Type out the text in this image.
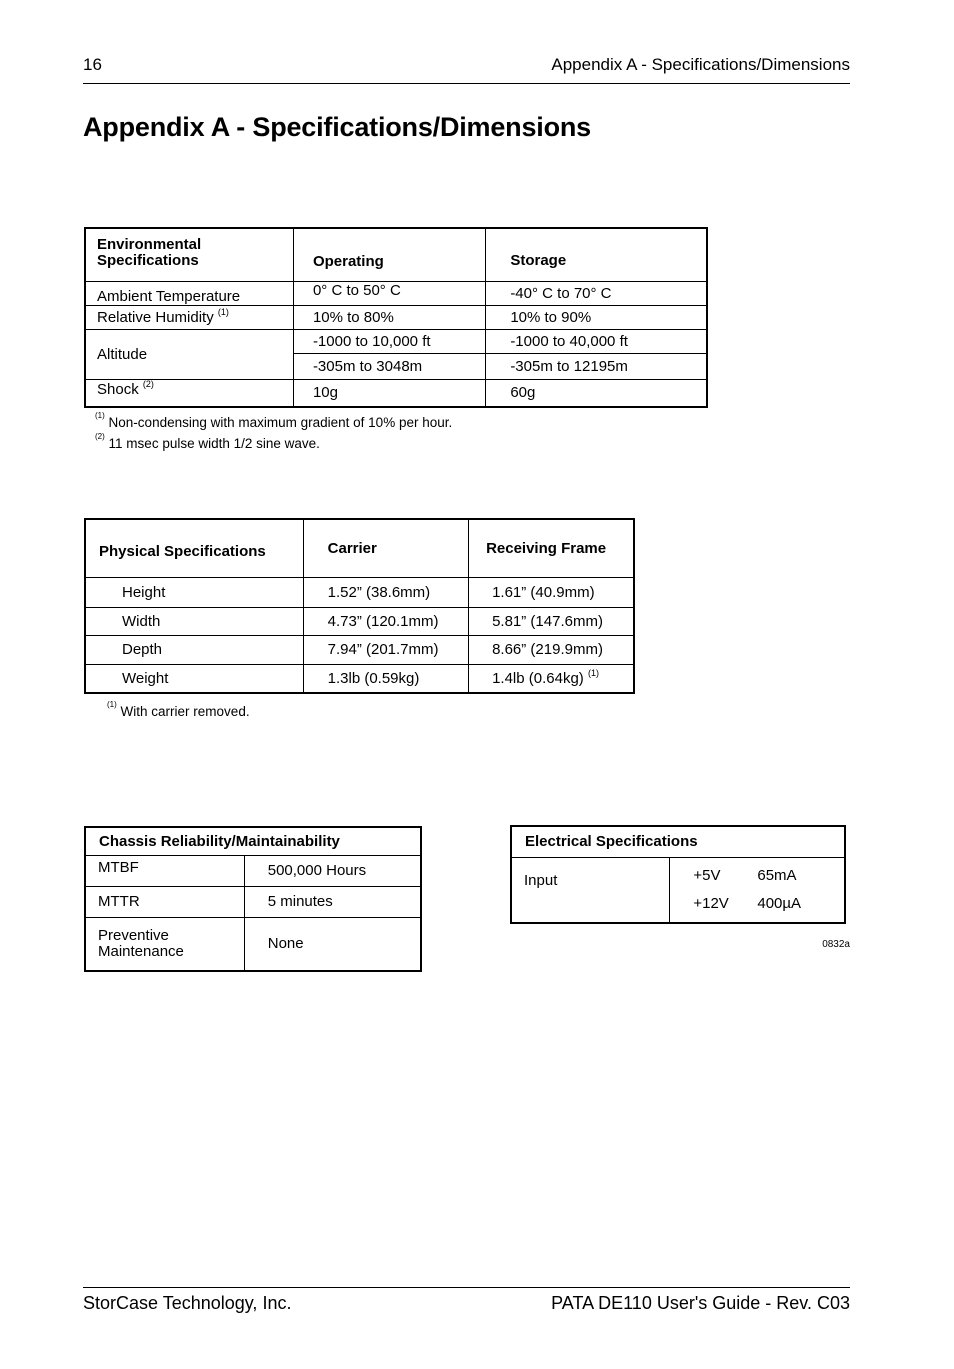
16	Appendix A - Specifications/Dimensions
Appendix A - Specifications/Dimensions
Environmental Specifications	Operating	Storage
Ambient Temperature	0° C to 50° C	-40° C to 70° C
Relative Humidity $^{(1)}$	10% to 80%	10% to 90%
Altitude	-1000 to 10,000 ft	-1000 to 40,000 ft
	-305m to 3048m	-305m to 12195m
Shock $^{(2)}$	10g	60g
$^{(1)}$ Non-condensing with maximum gradient of 10% per hour.
$^{(2)}$ 11 msec pulse width 1/2 sine wave.
Physical Specifications	Carrier	Receiving Frame
Height	1.52” (38.6mm)	1.61” (40.9mm)
Width	4.73” (120.1mm)	5.81” (147.6mm)
Depth	7.94” (201.7mm)	8.66” (219.9mm)
Weight	1.3lb (0.59kg)	1.4lb (0.64kg) $^{(1)}$
$^{(1)}$ With carrier removed.
Chassis Reliability/Maintainability	
MTBF	500,000 Hours
MTTR	5 minutes
Preventive
Maintenance	None
Electrical Specifications
Input	+5V 65mA
+12V 400µA
0832a
StorCase Technology, Inc.	PATA DE110 User's Guide - Rev. C03
